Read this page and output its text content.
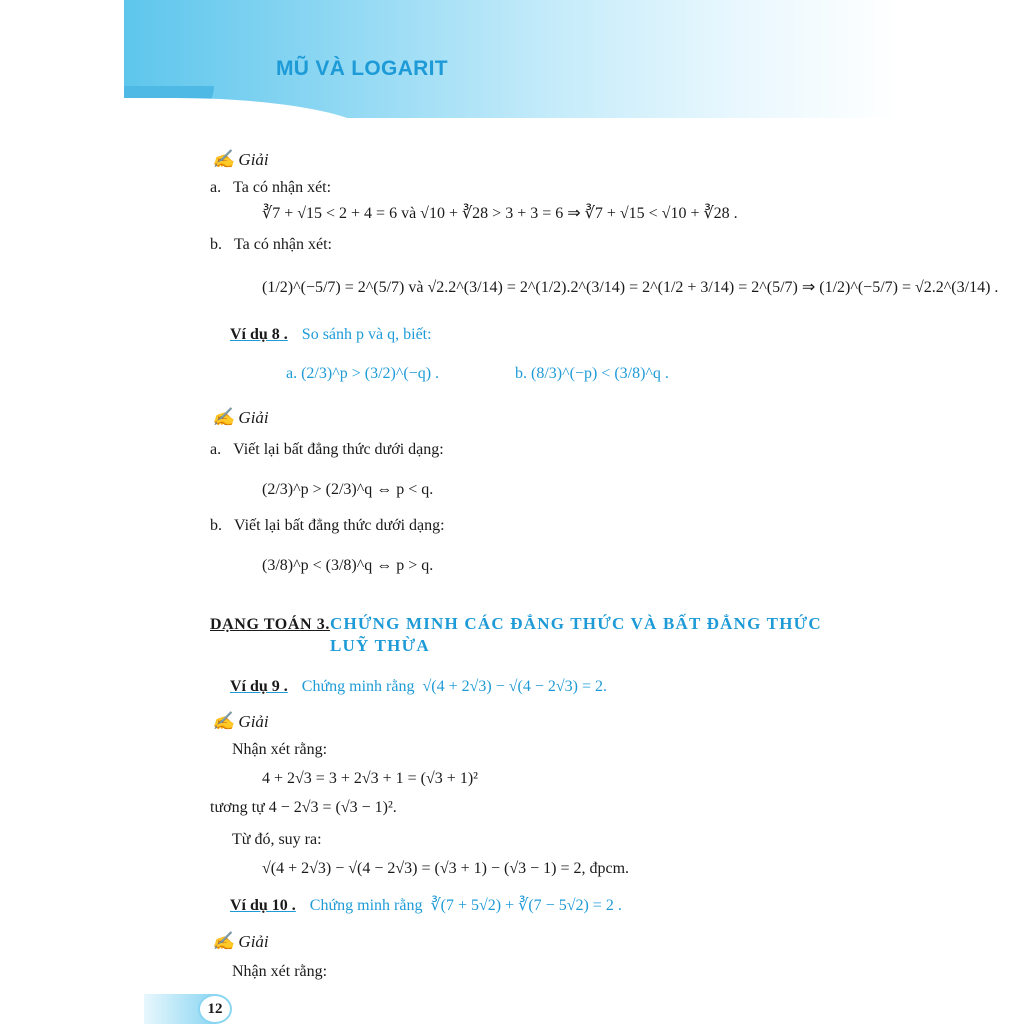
MŨ VÀ LOGARIT
✍ Giải
a. Ta có nhận xét:
∛7 + √15 < 2 + 4 = 6 và √10 + ∛28 > 3 + 3 = 6 ⇒ ∛7 + √15 < √10 + ∛28 .
b. Ta có nhận xét:
(1/2)^(−5/7) = 2^(5/7) và √2.2^(3/14) = 2^(1/2).2^(3/14) = 2^(1/2 + 3/14) = 2^(5/7) ⇒ (1/2)^(−5/7) = √2.2^(3/14) .
Ví dụ 8 . So sánh p và q, biết:
a. (2/3)^p > (3/2)^(−q) .	b. (8/3)^(−p) < (3/8)^q .
✍ Giải
a. Viết lại bất đẳng thức dưới dạng:
(2/3)^p > (2/3)^q ⇔ p < q.
b. Viết lại bất đẳng thức dưới dạng:
(3/8)^p < (3/8)^q ⇔ p > q.
DẠNG TOÁN 3. CHỨNG MINH CÁC ĐẲNG THỨC VÀ BẤT ĐẲNG THỨC
LUỸ THỪA
Ví dụ 9 . Chứng minh rằng √(4 + 2√3) − √(4 − 2√3) = 2.
✍ Giải
Nhận xét rằng:
4 + 2√3 = 3 + 2√3 + 1 = (√3 + 1)²
tương tự 4 − 2√3 = (√3 − 1)².
Từ đó, suy ra:
√(4 + 2√3) − √(4 − 2√3) = (√3 + 1) − (√3 − 1) = 2, đpcm.
Ví dụ 10 . Chứng minh rằng ∛(7 + 5√2) + ∛(7 − 5√2) = 2 .
✍ Giải
Nhận xét rằng:
12
